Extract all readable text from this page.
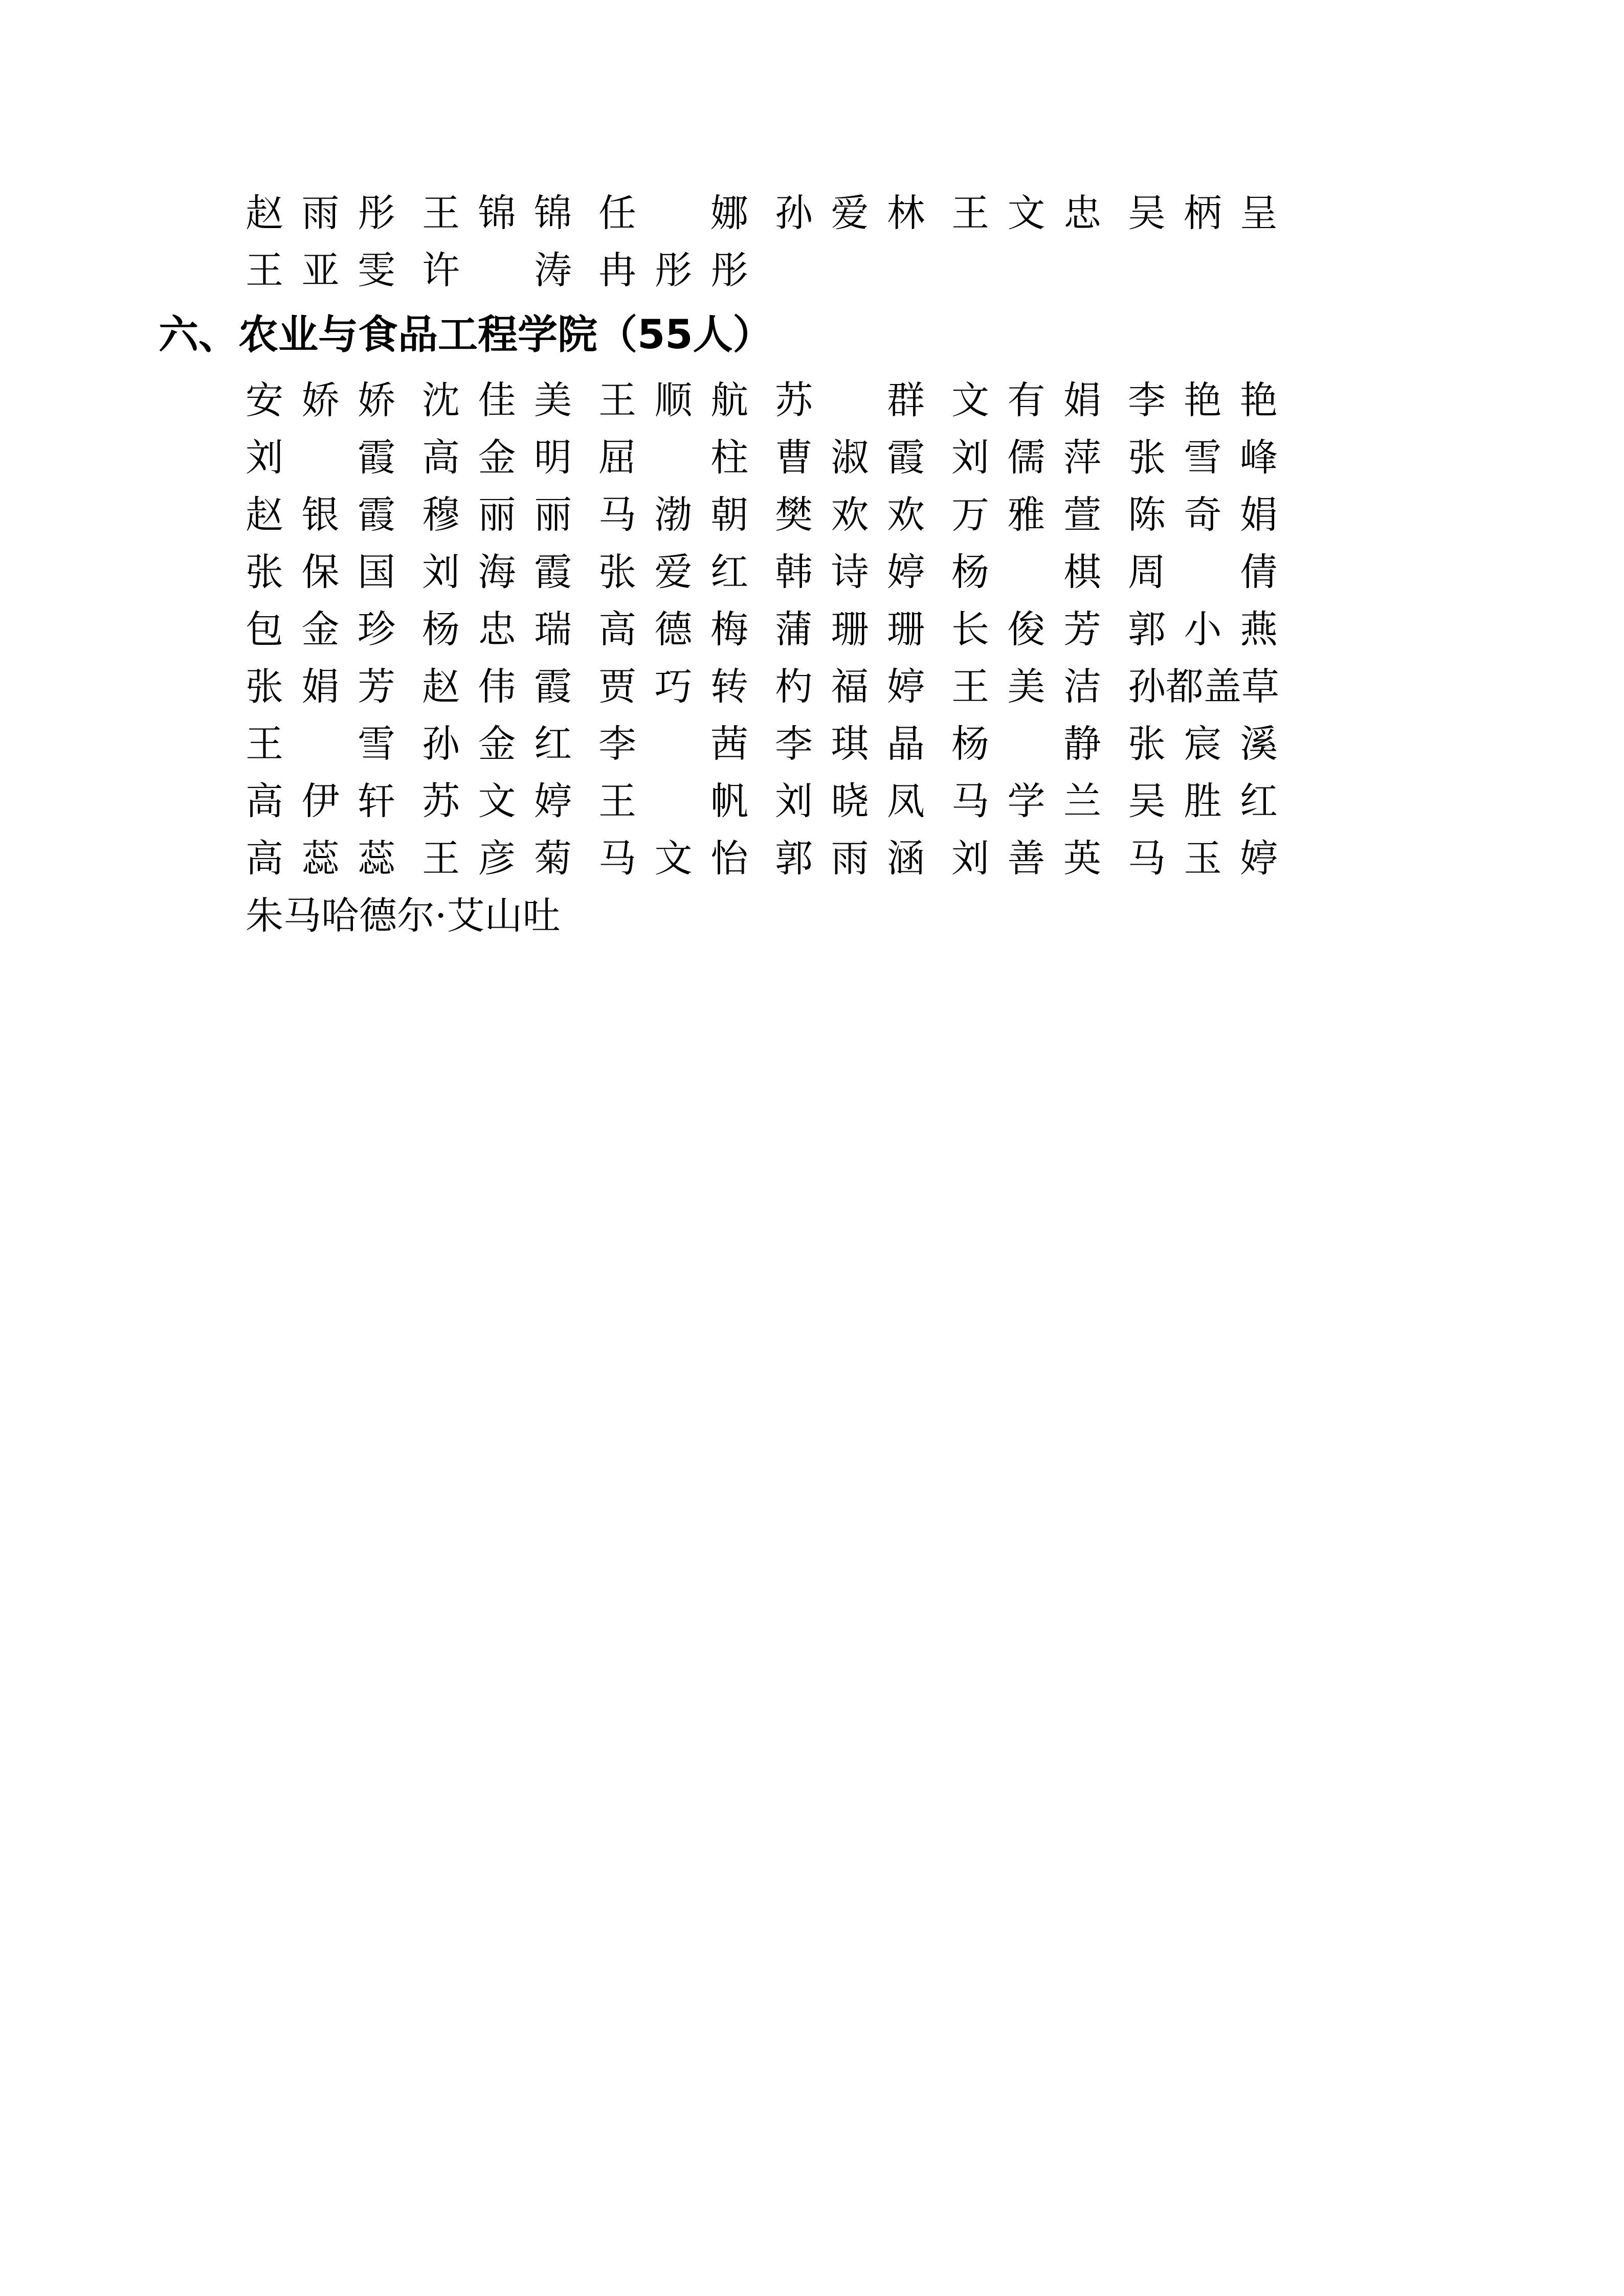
赵 雨 彤 王 锦 锦 任 娜 孙 爱 林 王 文 忠 吴 柄 呈
王 亚 雯 许 涛 冉 彤 彤
六、农业与食品工程学院（55人）
安 娇 娇 沈 佳 美 王 顺 航 苏 群 文 有 娟 李 艳 艳
刘 霞 高 金 明 屈 柱 曹 淑 霞 刘 儒 萍 张 雪 峰
赵 银 霞 穆 丽 丽 马 渤 朝 樊 欢 欢 万 雅 萱 陈 奇 娟
张 保 国 刘 海 霞 张 爱 红 韩 诗 婷 杨 棋 周 倩
包 金 珍 杨 忠 瑞 高 德 梅 蒲 珊 珊 长 俊 芳 郭 小 燕
张 娟 芳 赵 伟 霞 贾 巧 转 杓 福 婷 王 美 洁 孙 都 盖 草
王 雪 孙 金 红 李 茜 李 琪 晶 杨 静 张 宸 溪
高 伊 轩 苏 文 婷 王 帆 刘 晓 凤 马 学 兰 吴 胜 红
高 蕊 蕊 王 彦 菊 马 文 怡 郭 雨 涵 刘 善 英 马 玉 婷
朱马哈德尔·艾山吐
